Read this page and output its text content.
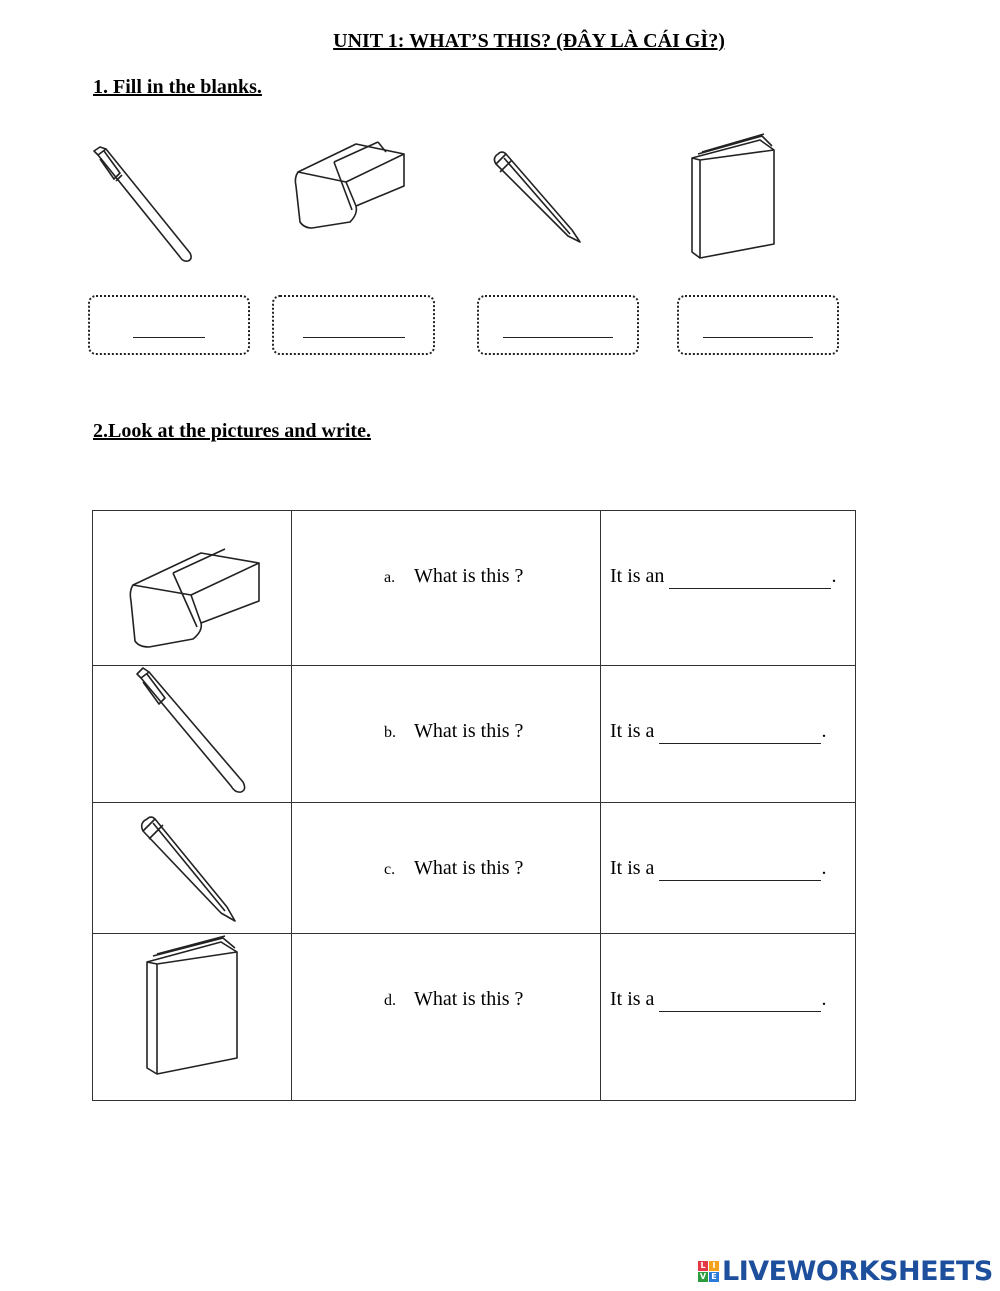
UNIT 1: WHAT’S THIS? (ĐÂY LÀ CÁI GÌ?)
1. Fill in the blanks.
2.Look at the pictures and write.

a. What is this ?	It is an .

b. What is this ?	It is a .

c. What is this ?	It is a .

d. What is this ?	It is a .
L I
V E LIVEWORKSHEETS
